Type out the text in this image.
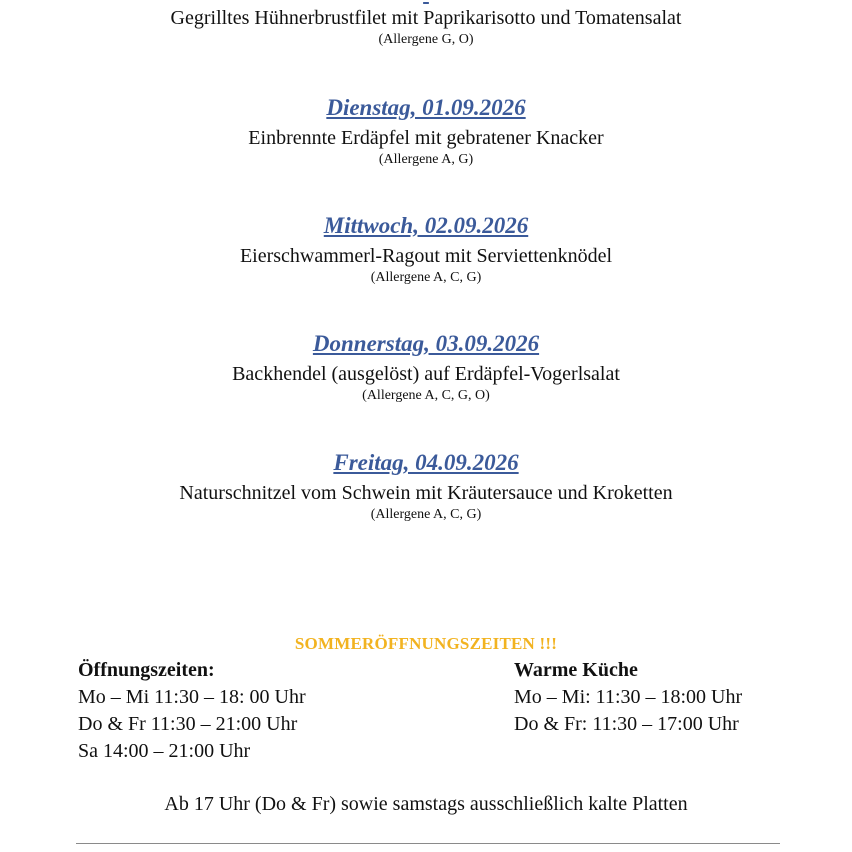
Gegrilltes Hühnerbrustfilet mit Paprikarisotto und Tomatensalat
(Allergene G, O)
Dienstag, 01.09.2026
Einbrennte Erdäpfel mit gebratener Knacker
(Allergene A, G)
Mittwoch, 02.09.2026
Eierschwammerl-Ragout mit Serviettenknödel
(Allergene A, C, G)
Donnerstag, 03.09.2026
Backhendel (ausgelöst) auf Erdäpfel-Vogerlsalat
(Allergene A, C, G, O)
Freitag, 04.09.2026
Naturschnitzel vom Schwein mit Kräutersauce und Kroketten
(Allergene A, C, G)
SOMMERÖFFNUNGSZEITEN !!!
Öffnungszeiten:
Mo – Mi 11:30 – 18: 00 Uhr
Do & Fr 11:30 – 21:00 Uhr
Sa 14:00 – 21:00 Uhr
Warme Küche
Mo – Mi: 11:30 – 18:00 Uhr
Do & Fr: 11:30 – 17:00 Uhr
Ab 17 Uhr (Do & Fr) sowie samstags ausschließlich kalte Platten
